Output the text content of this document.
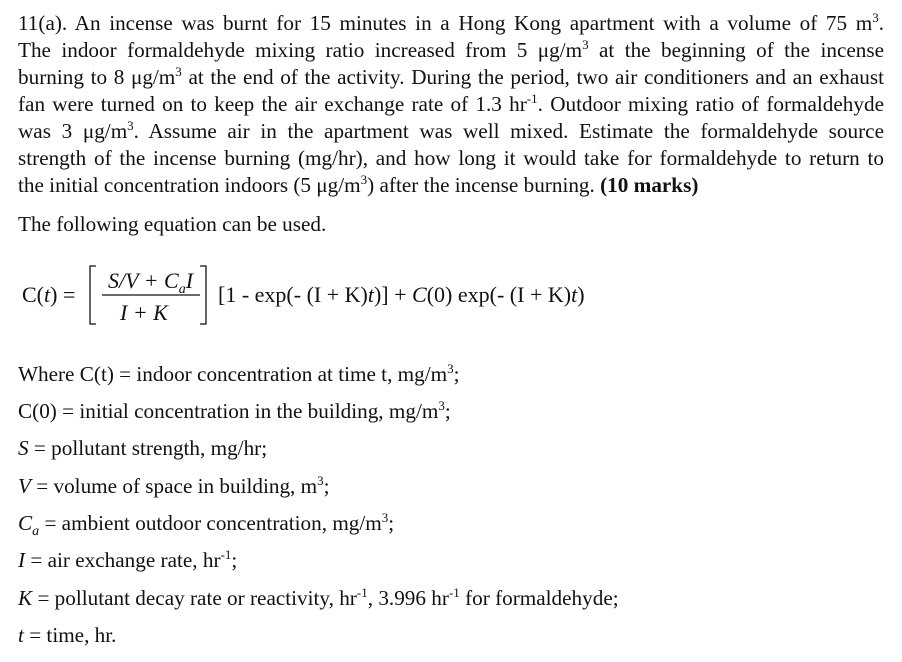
11(a). An incense was burnt for 15 minutes in a Hong Kong apartment with a volume of 75 $m^3$.
The indoor formaldehyde mixing ratio increased from 5 $\mu g/m^3$ at the beginning of the incense
burning to 8 $\mu g/m^3$ at the end of the activity. During the period, two air conditioners and an exhaust
fan were turned on to keep the air exchange rate of 1.3 $hr^{-1}$. Outdoor mixing ratio of formaldehyde
was 3 $\mu g/m^3$. Assume air in the apartment was well mixed. Estimate the formaldehyde source
strength of the incense burning (mg/hr), and how long it would take for formaldehyde to return to
the initial concentration indoors (5 $\mu g/m^3$) after the incense burning. (10 marks)
The following equation can be used.
C(t) =
$S/V + C_aI$
I + K
[1 - exp(- (I + K)t)] + C(0) exp(- (I + K)t)
Where C(t) = indoor concentration at time t, $mg/m^3$;
C(0) = initial concentration in the building, $mg/m^3$;
S = pollutant strength, mg/hr;
V = volume of space in building, $m^3$;
$C_a$ = ambient outdoor concentration, $mg/m^3$;
I = air exchange rate, $hr^{-1}$;
K = pollutant decay rate or reactivity, $hr^{-1}$, 3.996 $hr^{-1}$ for formaldehyde;
t = time, hr.
